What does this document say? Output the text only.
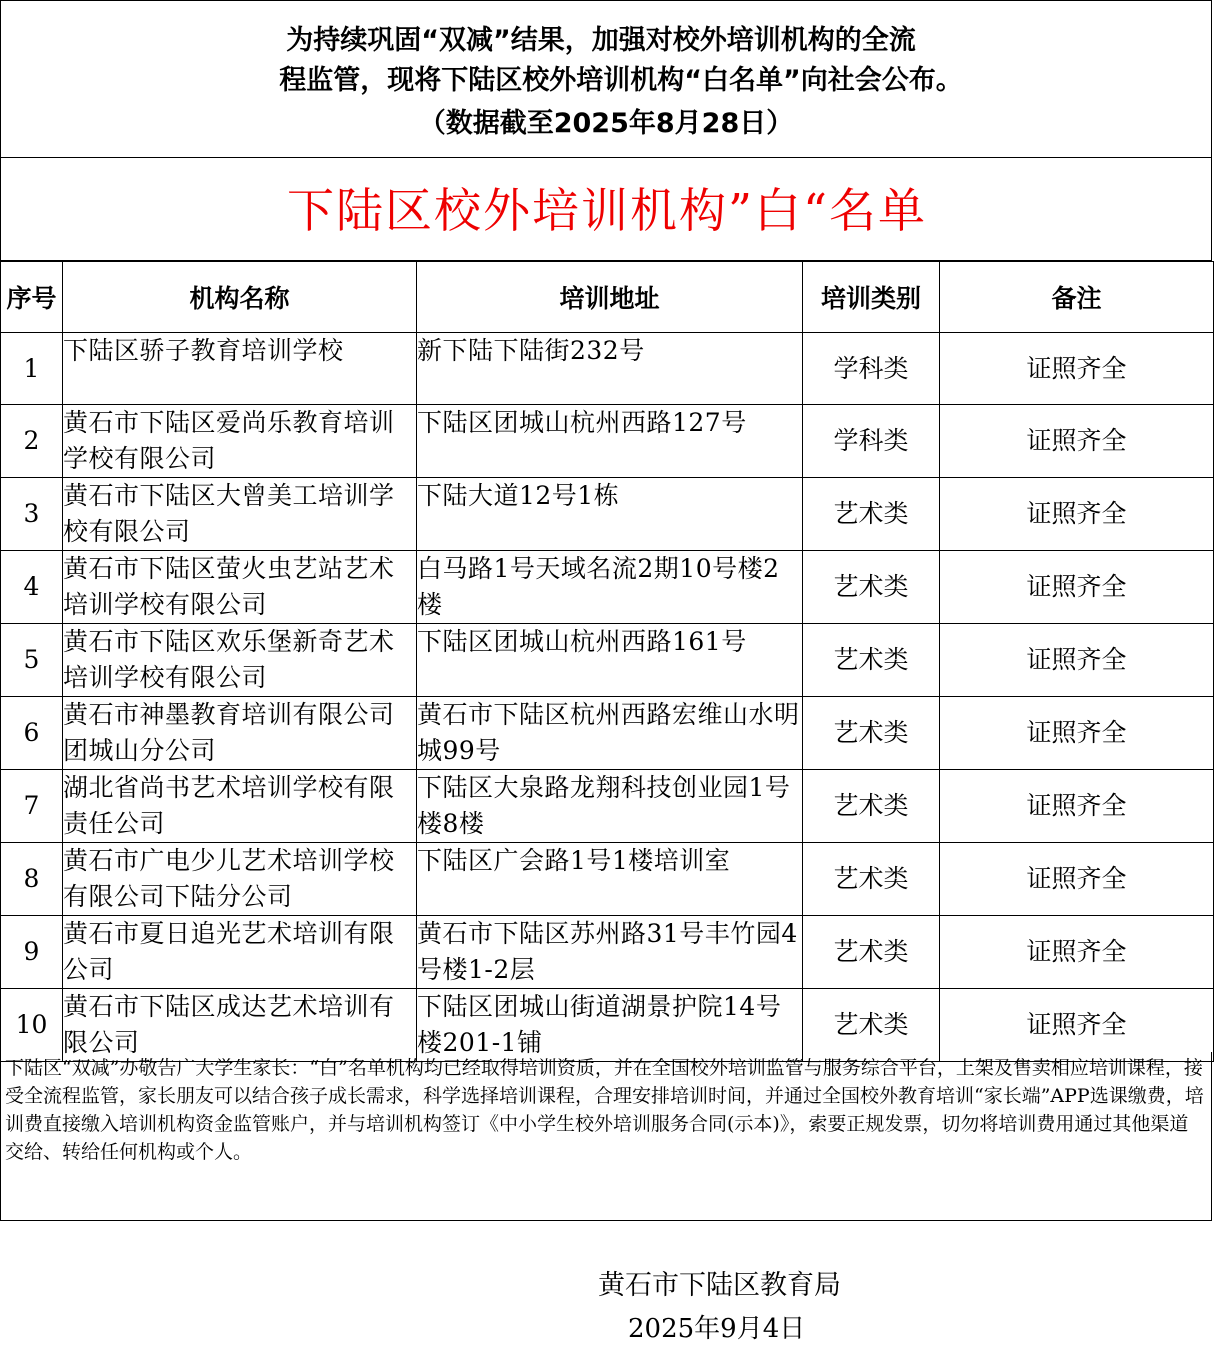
为持续巩固“双减”结果，加强对校外培训机构的全流
程监管，现将下陆区校外培训机构“白名单”向社会公布。
（数据截至2025年8月28日）
下陆区校外培训机构”白“名单
序号	机构名称	培训地址	培训类别	备注
1	下陆区骄子教育培训学校	新下陆下陆街232号	学科类	证照齐全
2	黄石市下陆区爱尚乐教育培训学校有限公司	下陆区团城山杭州西路127号	学科类	证照齐全
3	黄石市下陆区大曾美工培训学校有限公司	下陆大道12号1栋	艺术类	证照齐全
4	黄石市下陆区萤火虫艺站艺术培训学校有限公司	白马路1号天域名流2期10号楼2楼	艺术类	证照齐全
5	黄石市下陆区欢乐堡新奇艺术培训学校有限公司	下陆区团城山杭州西路161号	艺术类	证照齐全
6	黄石市神墨教育培训有限公司团城山分公司	黄石市下陆区杭州西路宏维山水明城99号	艺术类	证照齐全
7	湖北省尚书艺术培训学校有限责任公司	下陆区大泉路龙翔科技创业园1号楼8楼	艺术类	证照齐全
8	黄石市广电少儿艺术培训学校有限公司下陆分公司	下陆区广会路1号1楼培训室	艺术类	证照齐全
9	黄石市夏日追光艺术培训有限公司	黄石市下陆区苏州路31号丰竹园4号楼1-2层	艺术类	证照齐全
10	黄石市下陆区成达艺术培训有限公司	下陆区团城山街道湖景护院14号楼201-1铺	艺术类	证照齐全
下陆区“双减”办敬告广大学生家长：“白”名单机构均已经取得培训资质，并在全国校外培训监管与服务综合平台，上架及售卖相应培训课程，接受全流程监管，家长朋友可以结合孩子成长需求，科学选择培训课程，合理安排培训时间，并通过全国校外教育培训“家长端”APP选课缴费，培训费直接缴入培训机构资金监管账户，并与培训机构签订《中小学生校外培训服务合同(示本)》，索要正规发票，切勿将培训费用通过其他渠道交给、转给任何机构或个人。
黄石市下陆区教育局
2025年9月4日
